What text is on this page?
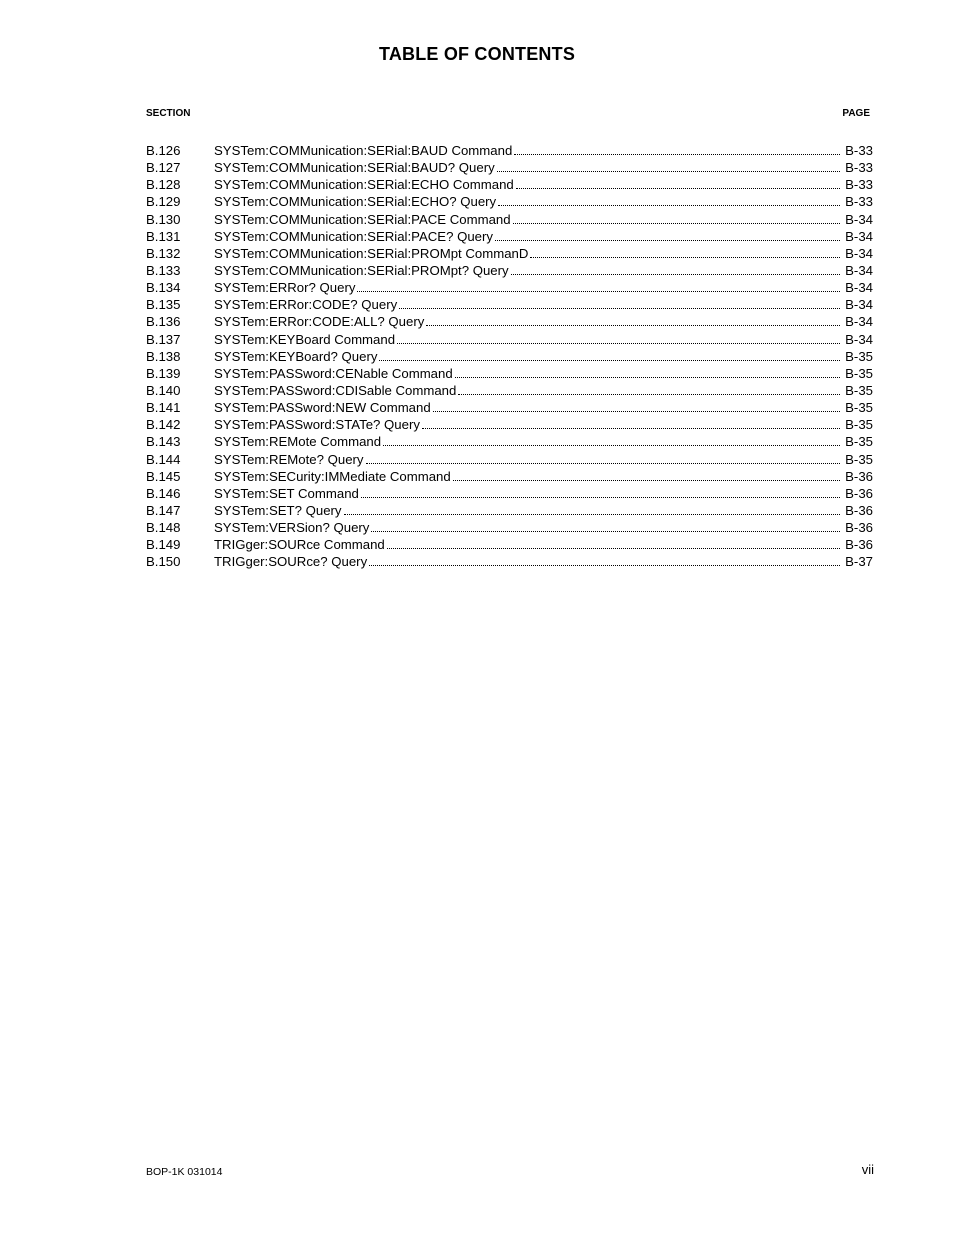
TABLE OF CONTENTS
SECTION	PAGE
B.126	SYSTem:COMMunication:SERial:BAUD Command	B-33
B.127	SYSTem:COMMunication:SERial:BAUD? Query	B-33
B.128	SYSTem:COMMunication:SERial:ECHO Command	B-33
B.129	SYSTem:COMMunication:SERial:ECHO? Query	B-33
B.130	SYSTem:COMMunication:SERial:PACE Command	B-34
B.131	SYSTem:COMMunication:SERial:PACE? Query	B-34
B.132	SYSTem:COMMunication:SERial:PROMpt CommanD	B-34
B.133	SYSTem:COMMunication:SERial:PROMpt? Query	B-34
B.134	SYSTem:ERRor? Query	B-34
B.135	SYSTem:ERRor:CODE? Query	B-34
B.136	SYSTem:ERRor:CODE:ALL? Query	B-34
B.137	SYSTem:KEYBoard Command	B-34
B.138	SYSTem:KEYBoard? Query	B-35
B.139	SYSTem:PASSword:CENable Command	B-35
B.140	SYSTem:PASSword:CDISable Command	B-35
B.141	SYSTem:PASSword:NEW Command	B-35
B.142	SYSTem:PASSword:STATe? Query	B-35
B.143	SYSTem:REMote Command	B-35
B.144	SYSTem:REMote? Query	B-35
B.145	SYSTem:SECurity:IMMediate Command	B-36
B.146	SYSTem:SET Command	B-36
B.147	SYSTem:SET? Query	B-36
B.148	SYSTem:VERSion? Query	B-36
B.149	TRIGger:SOURce Command	B-36
B.150	TRIGger:SOURce? Query	B-37
BOP-1K 031014	vii
